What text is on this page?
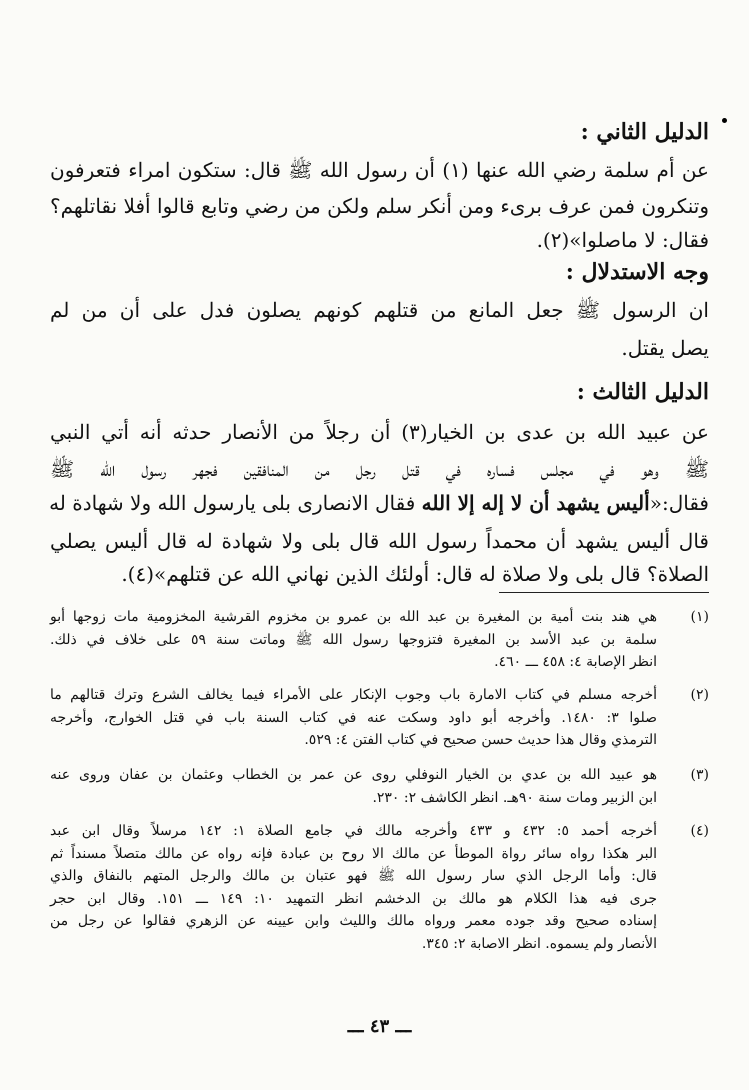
الدليل الثاني :
عن أم سلمة رضي الله عنها (١) أن رسول الله ﷺ قال: ستكون امراء فتعرفون
وتنكرون فمن عرف برىء ومن أنكر سلم ولكن من رضي وتابع قالوا أفلا نقاتلهم؟
فقال: لا ماصلوا»(٢).
وجه الاستدلال :
ان الرسول ﷺ جعل المانع من قتلهم كونهم يصلون فدل على أن من لم
يصل يقتل.
الدليل الثالث :
عن عبيد الله بن عدى بن الخيار(٣) أن رجلاً من الأنصار حدثه أنه أتي النبي
ﷺ وهو في مجلس فساره في قتل رجل من المنافقين فجهر رسول الله ﷺ
فقال:«أليس يشهد أن لا إله إلا الله فقال الانصارى بلى يارسول الله ولا شهادة له
قال أليس يشهد أن محمداً رسول الله قال بلى ولا شهادة له قال أليس يصلي
الصلاة؟ قال بلى ولا صلاة له قال: أولئك الذين نهاني الله عن قتلهم»(٤).
(١)
هي هند بنت أمية بن المغيرة بن عبد الله بن عمرو بن مخزوم القرشية المخزومية مات زوجها أبو
سلمة بن عبد الأسد بن المغيرة فتزوجها رسول الله ﷺ وماتت سنة ٥٩ على خلاف في ذلك.
انظر الإصابة ٤: ٤٥٨ ـــ ٤٦٠.
(٢)
أخرجه مسلم في كتاب الامارة باب وجوب الإنكار على الأمراء فيما يخالف الشرع وترك قتالهم ما
صلوا ٣: ١٤٨٠. وأخرجه أبو داود وسكت عنه في كتاب السنة باب في قتل الخوارج، وأخرجه
الترمذي وقال هذا حديث حسن صحيح في كتاب الفتن ٤: ٥٢٩.
(٣)
هو عبيد الله بن عدي بن الخيار النوفلي روى عن عمر بن الخطاب وعثمان بن عفان وروى عنه
ابن الزبير ومات سنة ٩٠هـ. انظر الكاشف ٢: ٢٣٠.
(٤)
أخرجه أحمد ٥: ٤٣٢ و ٤٣٣ وأخرجه مالك في جامع الصلاة ١: ١٤٢ مرسلاً وقال ابن عبد
البر هكذا رواه سائر رواة الموطأ عن مالك الا روح بن عبادة فإنه رواه عن مالك متصلاً مسنداً ثم
قال: وأما الرجل الذي سار رسول الله ﷺ فهو عتبان بن مالك والرجل المتهم بالنفاق والذي
جرى فيه هذا الكلام هو مالك بن الدخشم انظر التمهيد ١٠: ١٤٩ ـــ ١٥١. وقال ابن حجر
إسناده صحيح وقد جوده معمر ورواه مالك والليث وابن عيينه عن الزهري فقالوا عن رجل من
الأنصار ولم يسموه. انظر الاصابة ٢: ٣٤٥.
ـــ ٤٣ ـــ
